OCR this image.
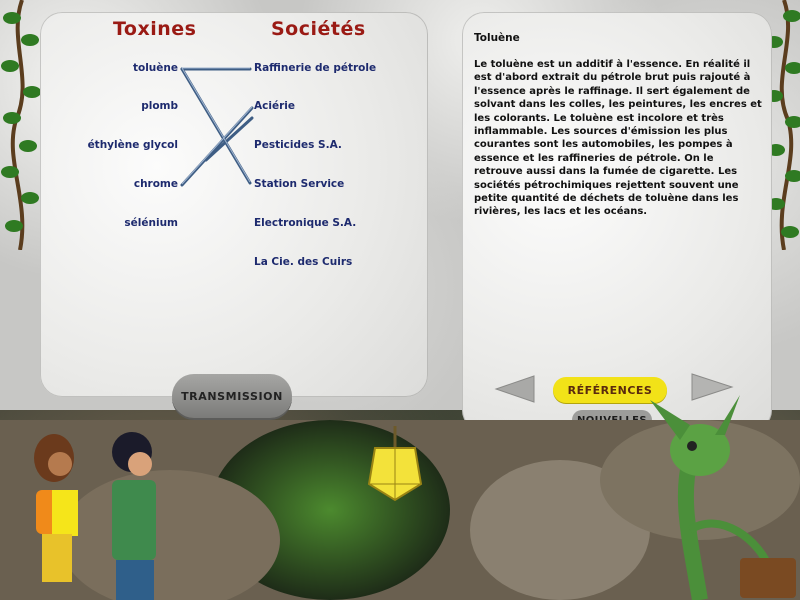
Toxines	Sociétés
toluène
plomb
éthylène glycol
chrome
sélénium
Raffinerie de pétrole
Aciérie
Pesticides S.A.
Station Service
Electronique S.A.
La Cie. des Cuirs
TRANSMISSION
Toluène
Le toluène est un additif à l'essence. En réalité il est d'abord extrait du pétrole brut puis rajouté à l'essence après le raffinage. Il sert également de solvant dans les colles, les peintures, les encres et les colorants. Le toluène est incolore et très inflammable. Les sources d'émission les plus courantes sont les automobiles, les pompes à essence et les raffineries de pétrole. On le retrouve aussi dans la fumée de cigarette. Les sociétés pétrochimiques rejettent souvent une petite quantité de déchets de toluène dans les rivières, les lacs et les océans.
RÉFÉRENCES
